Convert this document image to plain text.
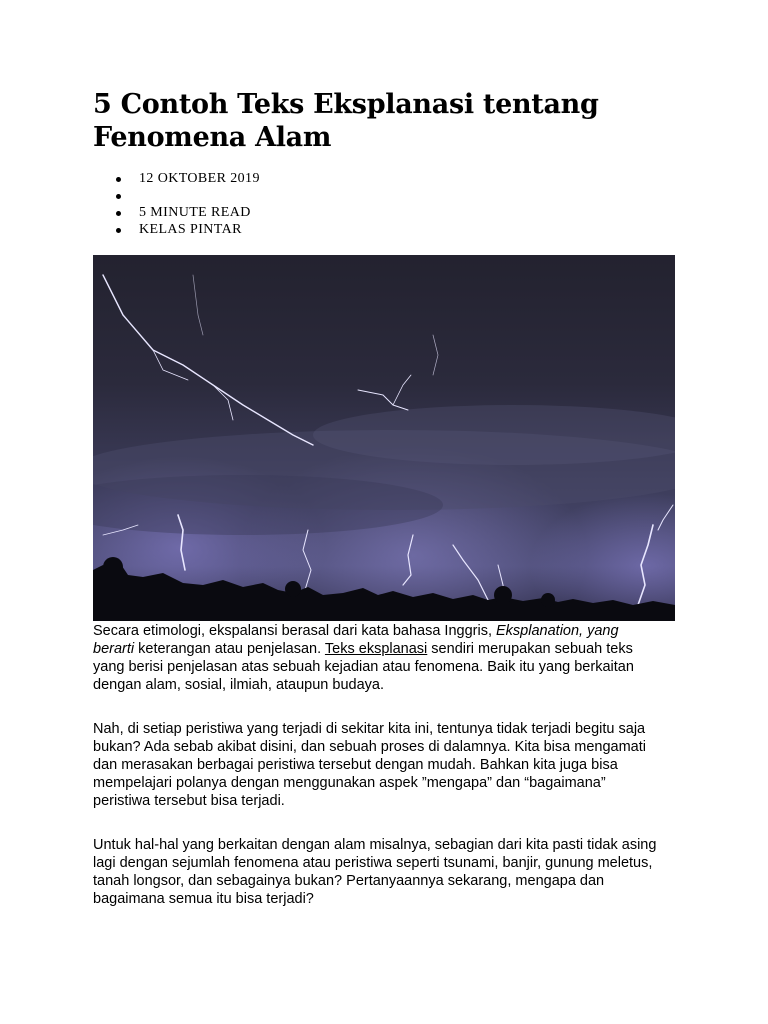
5 Contoh Teks Eksplanasi tentang Fenomena Alam
12 OKTOBER 2019
5 MINUTE READ
KELAS PINTAR

Secara etimologi, ekspalansi berasal dari kata bahasa Inggris, Eksplanation, yang berarti keterangan atau penjelasan. Teks eksplanasi sendiri merupakan sebuah teks yang berisi penjelasan atas sebuah kejadian atau fenomena. Baik itu yang berkaitan dengan alam, sosial, ilmiah, ataupun budaya.

Nah, di setiap peristiwa yang terjadi di sekitar kita ini, tentunya tidak terjadi begitu saja bukan? Ada sebab akibat disini, dan sebuah proses di dalamnya. Kita bisa mengamati dan merasakan berbagai peristiwa tersebut dengan mudah. Bahkan kita juga bisa mempelajari polanya dengan menggunakan aspek ”mengapa” dan “bagaimana” peristiwa tersebut bisa terjadi.

Untuk hal-hal yang berkaitan dengan alam misalnya, sebagian dari kita pasti tidak asing lagi dengan sejumlah fenomena atau peristiwa seperti tsunami, banjir, gunung meletus, tanah longsor, dan sebagainya bukan? Pertanyaannya sekarang, mengapa dan bagaimana semua itu bisa terjadi?
